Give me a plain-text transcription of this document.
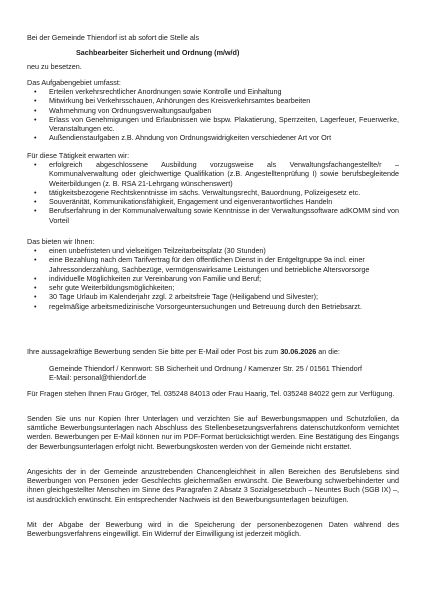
Bei der Gemeinde Thiendorf ist ab sofort die Stelle als

Sachbearbeiter Sicherheit und Ordnung (m/w/d)

neu zu besetzen.

Das Aufgabengebiet umfasst:

• Erteilen verkehrsrechtlicher Anordnungen sowie Kontrolle und Einhaltung
• Mitwirkung bei Verkehrsschauen, Anhörungen des Kreisverkehrsamtes bearbeiten
• Wahrnehmung von Ordnungsverwaltungsaufgaben
• Erlass von Genehmigungen und Erlaubnissen wie bspw. Plakatierung, Sperrzeiten, Lagerfeuer, Feuerwerke, Veranstaltungen etc.
• Außendienstaufgaben z.B. Ahndung von Ordnungswidrigkeiten verschiedener Art vor Ort

Für diese Tätigkeit erwarten wir:

• erfolgreich abgeschlossene Ausbildung vorzugsweise als Verwaltungsfachangestellte/r – Kommunalverwaltung oder gleichwertige Qualifikation (z.B. Angestelltenprüfung I) sowie berufsbegleitende Weiterbildungen (z. B. RSA 21-Lehrgang wünschenswert)
• tätigkeitsbezogene Rechtskenntnisse im sächs. Verwaltungsrecht, Bauordnung, Polizeigesetz etc.
• Souveränität, Kommunikationsfähigkeit, Engagement und eigenverantwortliches Handeln
• Berufserfahrung in der Kommunalverwaltung sowie Kenntnisse in der Verwaltungssoftware adKOMM sind von Vorteil

Das bieten wir Ihnen:

• einen unbefristeten und vielseitigen Teilzeitarbeitsplatz (30 Stunden)
• eine Bezahlung nach dem Tarifvertrag für den öffentlichen Dienst in der Entgeltgruppe 9a incl. einer Jahressonderzahlung, Sachbezüge, vermögenswirksame Leistungen und betriebliche Altersvorsorge
• individuelle Möglichkeiten zur Vereinbarung von Familie und Beruf;
• sehr gute Weiterbildungsmöglichkeiten;
• 30 Tage Urlaub im Kalenderjahr zzgl. 2 arbeitsfreie Tage (Heiligabend und Silvester);
• regelmäßige arbeitsmedizinische Vorsorgeuntersuchungen und Betreuung durch den Betriebsarzt.

Ihre aussagekräftige Bewerbung senden Sie bitte per E-Mail oder Post bis zum 30.06.2026 an die:

Gemeinde Thiendorf / Kennwort: SB Sicherheit und Ordnung / Kamenzer Str. 25 / 01561 Thiendorf

E-Mail: personal@thiendorf.de

Für Fragen stehen Ihnen Frau Gröger, Tel. 035248 84013 oder Frau Haarig, Tel. 035248 84022 gern zur Verfügung.

Senden Sie uns nur Kopien Ihrer Unterlagen und verzichten Sie auf Bewerbungsmappen und Schutzfolien, da sämtliche Bewerbungsunterlagen nach Abschluss des Stellenbesetzungsverfahrens datenschutzkonform vernichtet werden. Bewerbungen per E-Mail können nur im PDF-Format berücksichtigt werden. Eine Bestätigung des Eingangs der Bewerbungsunterlagen erfolgt nicht. Bewerbungskosten werden von der Gemeinde nicht erstattet.

Angesichts der in der Gemeinde anzustrebenden Chancengleichheit in allen Bereichen des Berufslebens sind Bewerbungen von Personen jeder Geschlechts gleichermaßen erwünscht. Die Bewerbung schwerbehinderter und ihnen gleichgestellter Menschen im Sinne des Paragrafen 2 Absatz 3 Sozialgesetzbuch – Neuntes Buch (SGB IX) –, ist ausdrücklich erwünscht. Ein entsprechender Nachweis ist den Bewerbungsunterlagen beizufügen.

Mit der Abgabe der Bewerbung wird in die Speicherung der personenbezogenen Daten während des Bewerbungsverfahrens eingewilligt. Ein Widerruf der Einwilligung ist jederzeit möglich.
